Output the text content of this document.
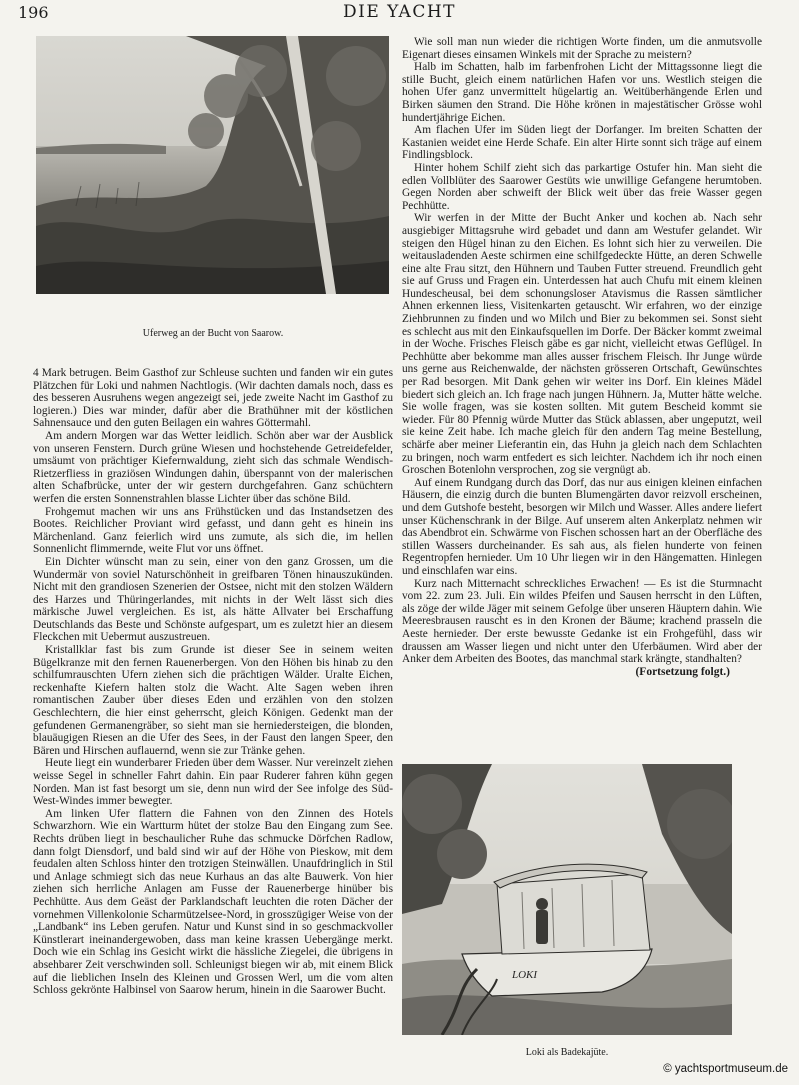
196	DIE YACHT
Uferweg an der Bucht von Saarow.

4 Mark betrugen. Beim Gasthof zur Schleuse suchten und fanden wir ein gutes Plätzchen für Loki und nahmen Nachtlogis. (Wir dachten damals noch, dass es des besseren Ausruhens wegen angezeigt sei, jede zweite Nacht im Gasthof zu logieren.) Dies war minder, dafür aber die Brathühner mit der köstlichen Sahnensauce und den guten Beilagen ein wahres Göttermahl.

Am andern Morgen war das Wetter leidlich. Schön aber war der Ausblick von unseren Fenstern. Durch grüne Wiesen und hochstehende Getreidefelder, umsäumt von prächtiger Kiefernwaldung, zieht sich das schmale Wendisch-Rietzerfliess in graziösen Windungen dahin, überspannt von der malerischen alten Schafbrücke, unter der wir gestern durchgefahren. Ganz schüchtern werfen die ersten Sonnenstrahlen blasse Lichter über das schöne Bild.

Frohgemut machen wir uns ans Frühstücken und das Instandsetzen des Bootes. Reichlicher Proviant wird gefasst, und dann geht es hinein ins Märchenland. Ganz feierlich wird uns zumute, als sich die, im hellen Sonnenlicht flimmernde, weite Flut vor uns öffnet.

Ein Dichter wünscht man zu sein, einer von den ganz Grossen, um die Wundermär von soviel Naturschönheit in greifbaren Tönen hinauszukünden. Nicht mit den grandiosen Szenerien der Ostsee, nicht mit den stolzen Wäldern des Harzes und Thüringerlandes, mit nichts in der Welt lässt sich dies märkische Juwel vergleichen. Es ist, als hätte Allvater bei Erschaffung Deutschlands das Beste und Schönste aufgespart, um es zuletzt hier an diesem Fleckchen mit Uebermut auszustreuen.

Kristallklar fast bis zum Grunde ist dieser See in seinem weiten Bügelkranze mit den fernen Rauenerbergen. Von den Höhen bis hinab zu den schilfumrauschten Ufern ziehen sich die prächtigen Wälder. Uralte Eichen, reckenhafte Kiefern halten stolz die Wacht. Alte Sagen weben ihren romantischen Zauber über dieses Eden und erzählen von den stolzen Geschlechtern, die hier einst geherrscht, gleich Königen. Gedenkt man der gefundenen Germanengräber, so sieht man sie herniedersteigen, die blonden, blauäugigen Riesen an die Ufer des Sees, in der Faust den langen Speer, den Bären und Hirschen auflauernd, wenn sie zur Tränke gehen.

Heute liegt ein wunderbarer Frieden über dem Wasser. Nur vereinzelt ziehen weisse Segel in schneller Fahrt dahin. Ein paar Ruderer fahren kühn gegen Norden. Man ist fast besorgt um sie, denn nun wird der See infolge des Süd-West-Windes immer bewegter.

Am linken Ufer flattern die Fahnen von den Zinnen des Hotels Schwarzhorn. Wie ein Wartturm hütet der stolze Bau den Eingang zum See. Rechts drüben liegt in beschaulicher Ruhe das schmucke Dörfchen Radlow, dann folgt Diensdorf, und bald sind wir auf der Höhe von Pieskow, mit dem feudalen alten Schloss hinter den trotzigen Steinwällen. Unaufdringlich in Stil und Anlage schmiegt sich das neue Kurhaus an das alte Bauwerk. Von hier ziehen sich herrliche Anlagen am Fusse der Rauenerberge hinüber bis Pechhütte. Aus dem Geäst der Parklandschaft leuchten die roten Dächer der vornehmen Villenkolonie Scharmützelsee-Nord, in grosszügiger Weise von der „Landbank“ ins Leben gerufen. Natur und Kunst sind in so geschmackvoller Künstlerart ineinandergewoben, dass man keine krassen Uebergänge merkt. Doch wie ein Schlag ins Gesicht wirkt die hässliche Ziegelei, die übrigens in absehbarer Zeit verschwinden soll. Schleunigst biegen wir ab, mit einem Blick auf die lieblichen Inseln des Kleinen und Grossen Werl, um die vom alten Schloss gekrönte Halbinsel von Saarow herum, hinein in die Saarower Bucht.

Wie soll man nun wieder die richtigen Worte finden, um die anmutsvolle Eigenart dieses einsamen Winkels mit der Sprache zu meistern?

Halb im Schatten, halb im farbenfrohen Licht der Mittagssonne liegt die stille Bucht, gleich einem natürlichen Hafen vor uns. Westlich steigen die hohen Ufer ganz unvermittelt hügelartig an. Weitüberhängende Erlen und Birken säumen den Strand. Die Höhe krönen in majestätischer Grösse wohl hundertjährige Eichen.

Am flachen Ufer im Süden liegt der Dorfanger. Im breiten Schatten der Kastanien weidet eine Herde Schafe. Ein alter Hirte sonnt sich träge auf einem Findlingsblock.

Hinter hohem Schilf zieht sich das parkartige Ostufer hin. Man sieht die edlen Vollblüter des Saarower Gestüts wie unwillige Gefangene herumtoben. Gegen Norden aber schweift der Blick weit über das freie Wasser gegen Pechhütte.

Wir werfen in der Mitte der Bucht Anker und kochen ab. Nach sehr ausgiebiger Mittagsruhe wird gebadet und dann am Westufer gelandet. Wir steigen den Hügel hinan zu den Eichen. Es lohnt sich hier zu verweilen. Die weitausladenden Aeste schirmen eine schilfgedeckte Hütte, an deren Schwelle eine alte Frau sitzt, den Hühnern und Tauben Futter streuend. Freundlich geht sie auf Gruss und Fragen ein. Unterdessen hat auch Chufu mit einem kleinen Hundescheusal, bei dem schonungsloser Atavismus die Rassen sämtlicher Ahnen erkennen liess, Visitenkarten getauscht. Wir erfahren, wo der einzige Ziehbrunnen zu finden und wo Milch und Bier zu bekommen sei. Sonst sieht es schlecht aus mit den Einkaufsquellen im Dorfe. Der Bäcker kommt zweimal in der Woche. Frisches Fleisch gäbe es gar nicht, vielleicht etwas Geflügel. In Pechhütte aber bekomme man alles ausser frischem Fleisch. Ihr Junge würde uns gerne aus Reichenwalde, der nächsten grösseren Ortschaft, Gewünschtes per Rad besorgen. Mit Dank gehen wir weiter ins Dorf. Ein kleines Mädel biedert sich gleich an. Ich frage nach jungen Hühnern. Ja, Mutter hätte welche. Sie wolle fragen, was sie kosten sollten. Mit gutem Bescheid kommt sie wieder. Für 80 Pfennig würde Mutter das Stück ablassen, aber ungeputzt, weil sie keine Zeit habe. Ich mache gleich für den andern Tag meine Bestellung, schärfe aber meiner Lieferantin ein, das Huhn ja gleich nach dem Schlachten zu bringen, noch warm entfedert es sich leichter. Nachdem ich ihr noch einen Groschen Botenlohn versprochen, zog sie vergnügt ab.

Auf einem Rundgang durch das Dorf, das nur aus einigen kleinen einfachen Häusern, die einzig durch die bunten Blumengärten davor reizvoll erscheinen, und dem Gutshofe besteht, besorgen wir Milch und Wasser. Alles andere liefert unser Küchenschrank in der Bilge. Auf unserem alten Ankerplatz nehmen wir das Abendbrot ein. Schwärme von Fischen schossen hart an der Oberfläche des stillen Wassers durcheinander. Es sah aus, als fielen hunderte von feinen Regentropfen hernieder. Um 10 Uhr liegen wir in den Hängematten. Hinlegen und einschlafen war eins.

Kurz nach Mitternacht schreckliches Erwachen! — Es ist die Sturmnacht vom 22. zum 23. Juli. Ein wildes Pfeifen und Sausen herrscht in den Lüften, als zöge der wilde Jäger mit seinem Gefolge über unseren Häuptern dahin. Wie Meeresbrausen rauscht es in den Kronen der Bäume; krachend prasseln die Aeste hernieder. Der erste bewusste Gedanke ist ein Frohgefühl, dass wir draussen am Wasser liegen und nicht unter den Uferbäumen. Wird aber der Anker dem Arbeiten des Bootes, das manchmal stark krängte, standhalten?

(Fortsetzung folgt.)

LOKI
Loki als Badekajüte.
© yachtsportmuseum.de
